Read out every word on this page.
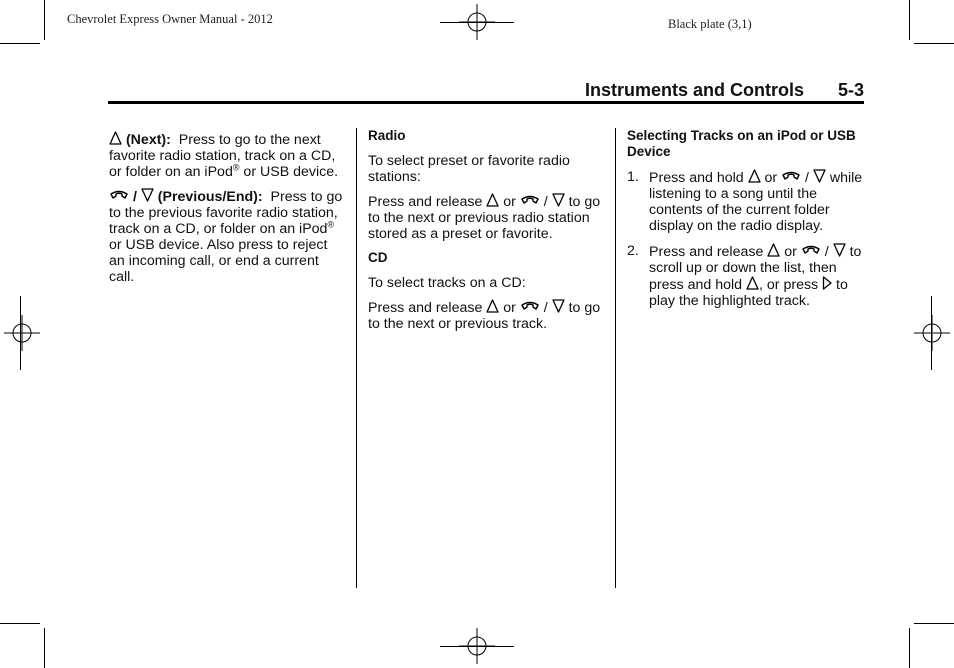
Chevrolet Express Owner Manual - 2012	Black plate (3,1)
Instruments and Controls 5-3

(Next): Press to go to the next favorite radio station, track on a CD, or folder on an iPod® or USB device.

/
(Previous/End): Press to go to the previous favorite radio station, track on a CD, or folder on an iPod® or USB device. Also press to reject an incoming call, or end a current call.

Radio

To select preset or favorite radio stations:

Press and release
or
/
to go to the next or previous radio station stored as a preset or favorite.

CD

To select tracks on a CD:

Press and release
or
/
to go to the next or previous track.

Selecting Tracks on an iPod or USB Device

1. Press and hold
or
/
while listening to a song until the contents of the current folder display on the radio display.
2. Press and release
or
/
to scroll up or down the list, then press and hold
, or press
to play the highlighted track.
